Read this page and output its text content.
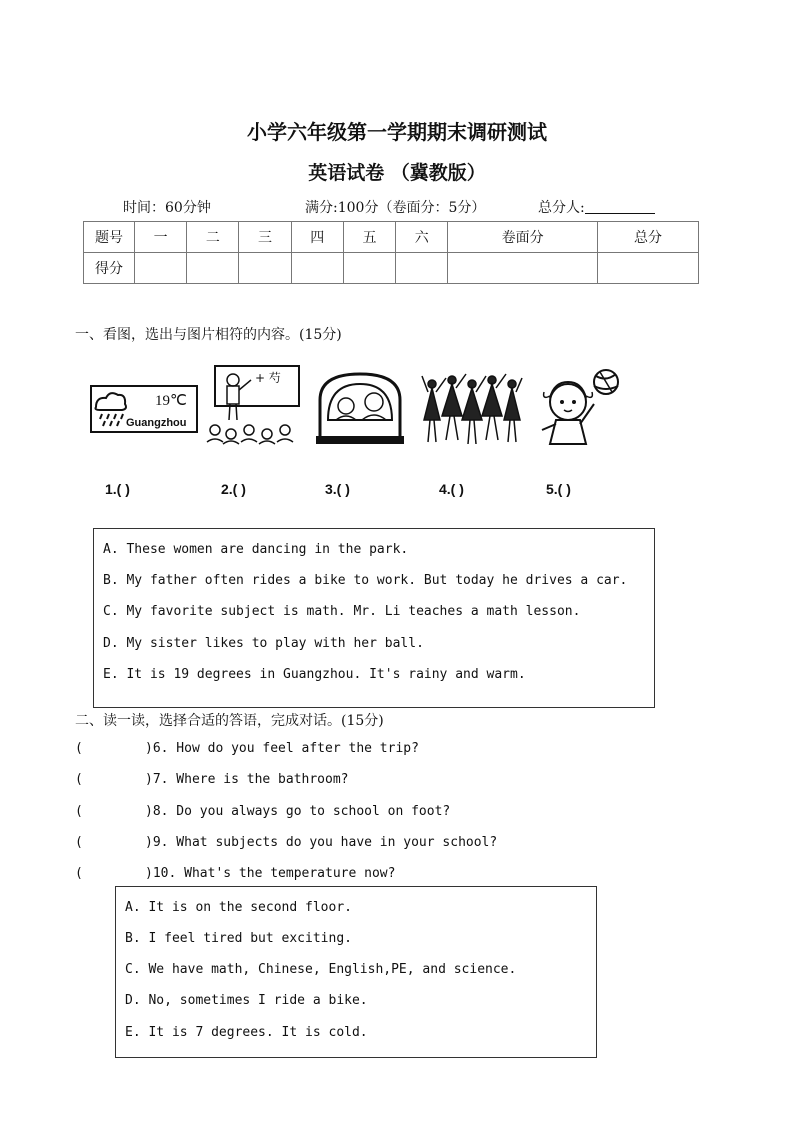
小学六年级第一学期期末调研测试
英语试卷 （冀教版）
时间：60分钟	满分:100分（卷面分：5分）	总分人:
题号	一	二	三	四	五	六	卷面分	总分
得分								
一、看图，选出与图片相符的内容。(15分)
19℃
Guangzhou
+ 芍
1.( )	2.( )	3.( )	4.( )	5.( )
A. These women are dancing in the park.
B. My father often rides a bike to work. But today he drives a car.
C. My favorite subject is math. Mr. Li teaches a math lesson.
D. My sister likes to play with her ball.
E. It is 19 degrees in Guangzhou. It's rainy and warm.
二、读一读，选择合适的答语，完成对话。(15分)
(	)6. How do you feel after the trip?
(	)7. Where is the bathroom?
(	)8. Do you always go to school on foot?
(	)9. What subjects do you have in your school?
(	)10. What's the temperature now?
A. It is on the second floor.
B. I feel tired but exciting.
C. We have math, Chinese, English,PE, and science.
D. No, sometimes I ride a bike.
E. It is 7 degrees. It is cold.
